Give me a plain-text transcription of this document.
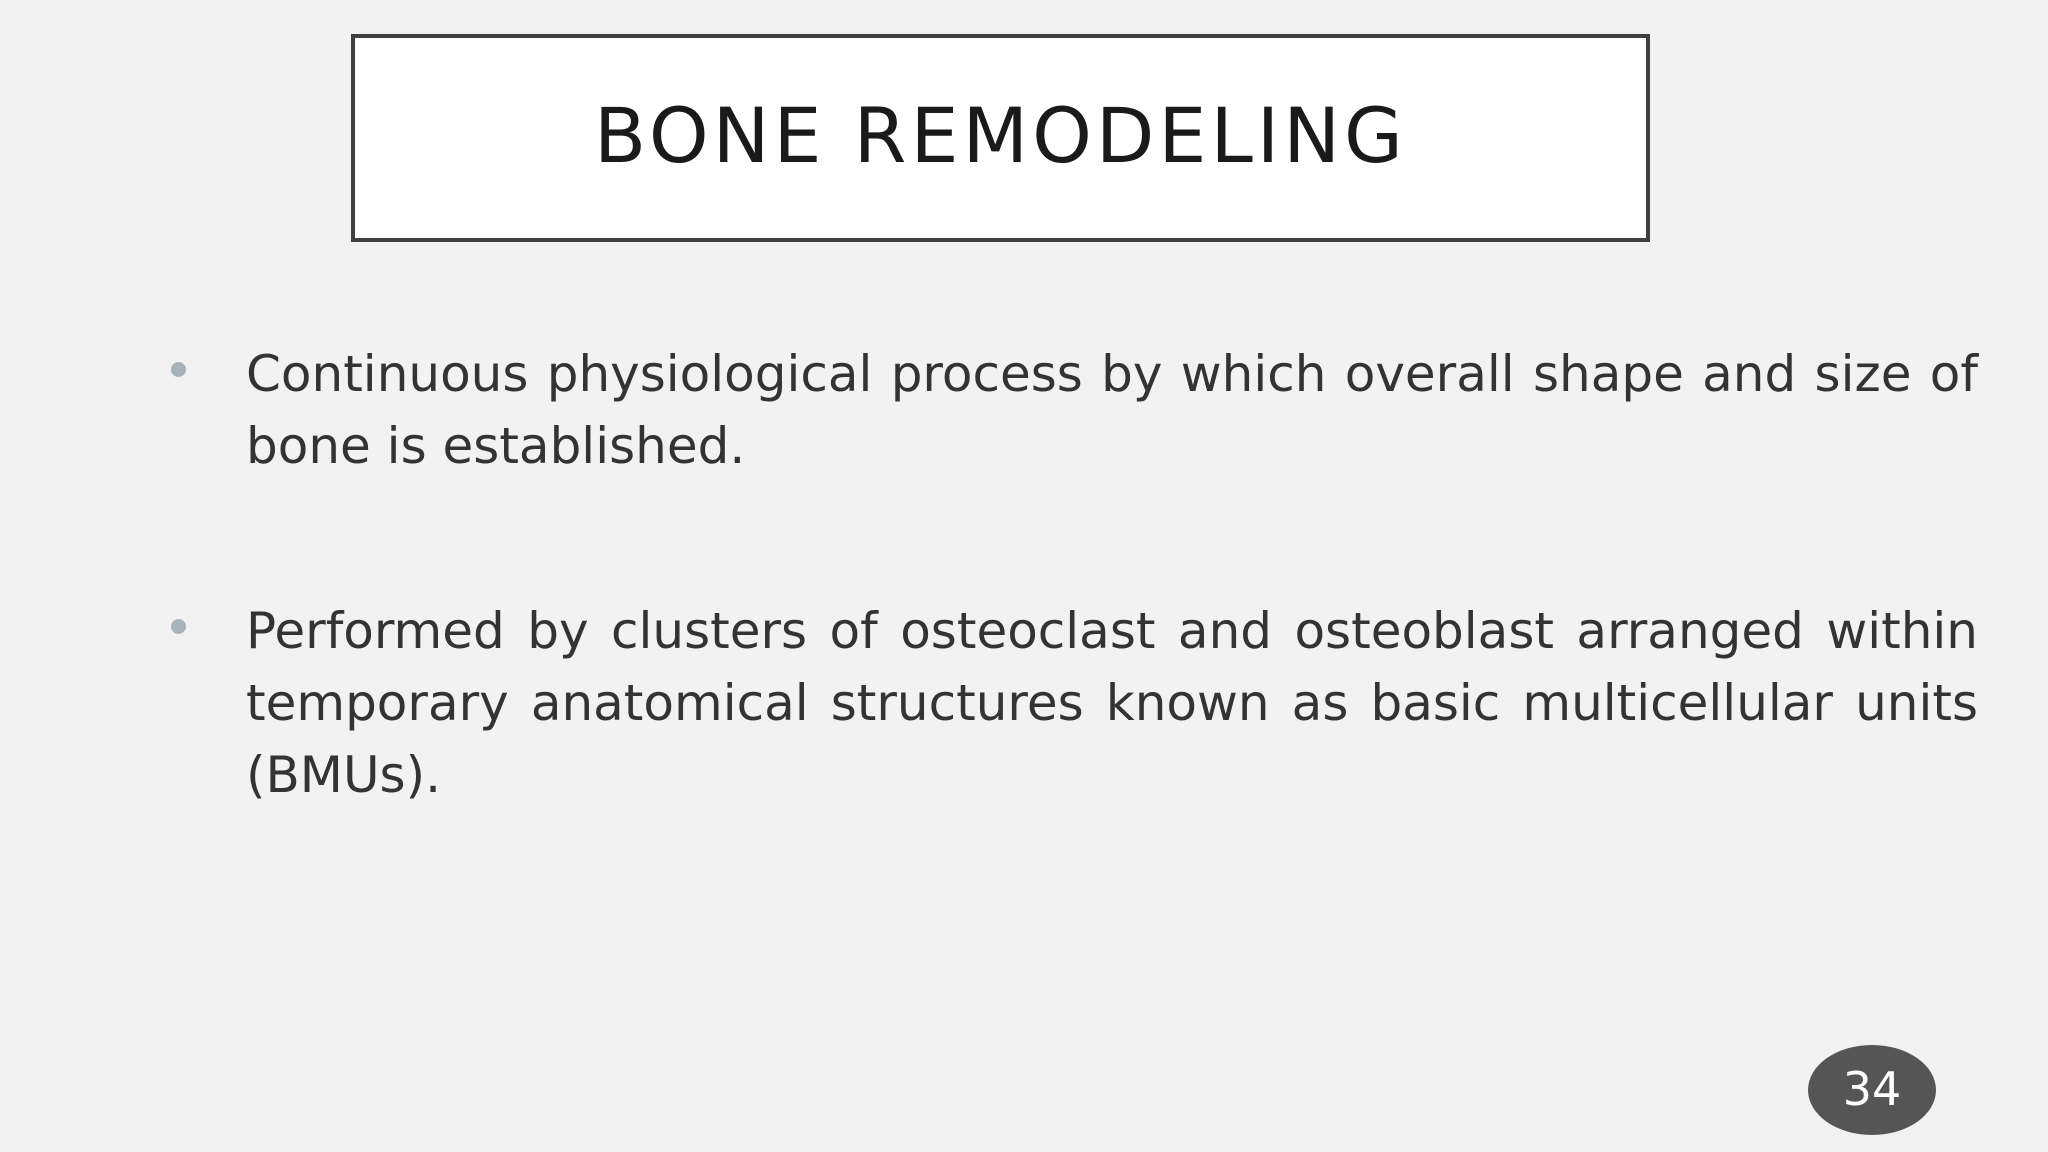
BONE REMODELING
Continuous physiological process by which overall shape and size of bone is established.
Performed by clusters of osteoclast and osteoblast arranged within temporary anatomical structures known as basic multicellular units (BMUs).
34
